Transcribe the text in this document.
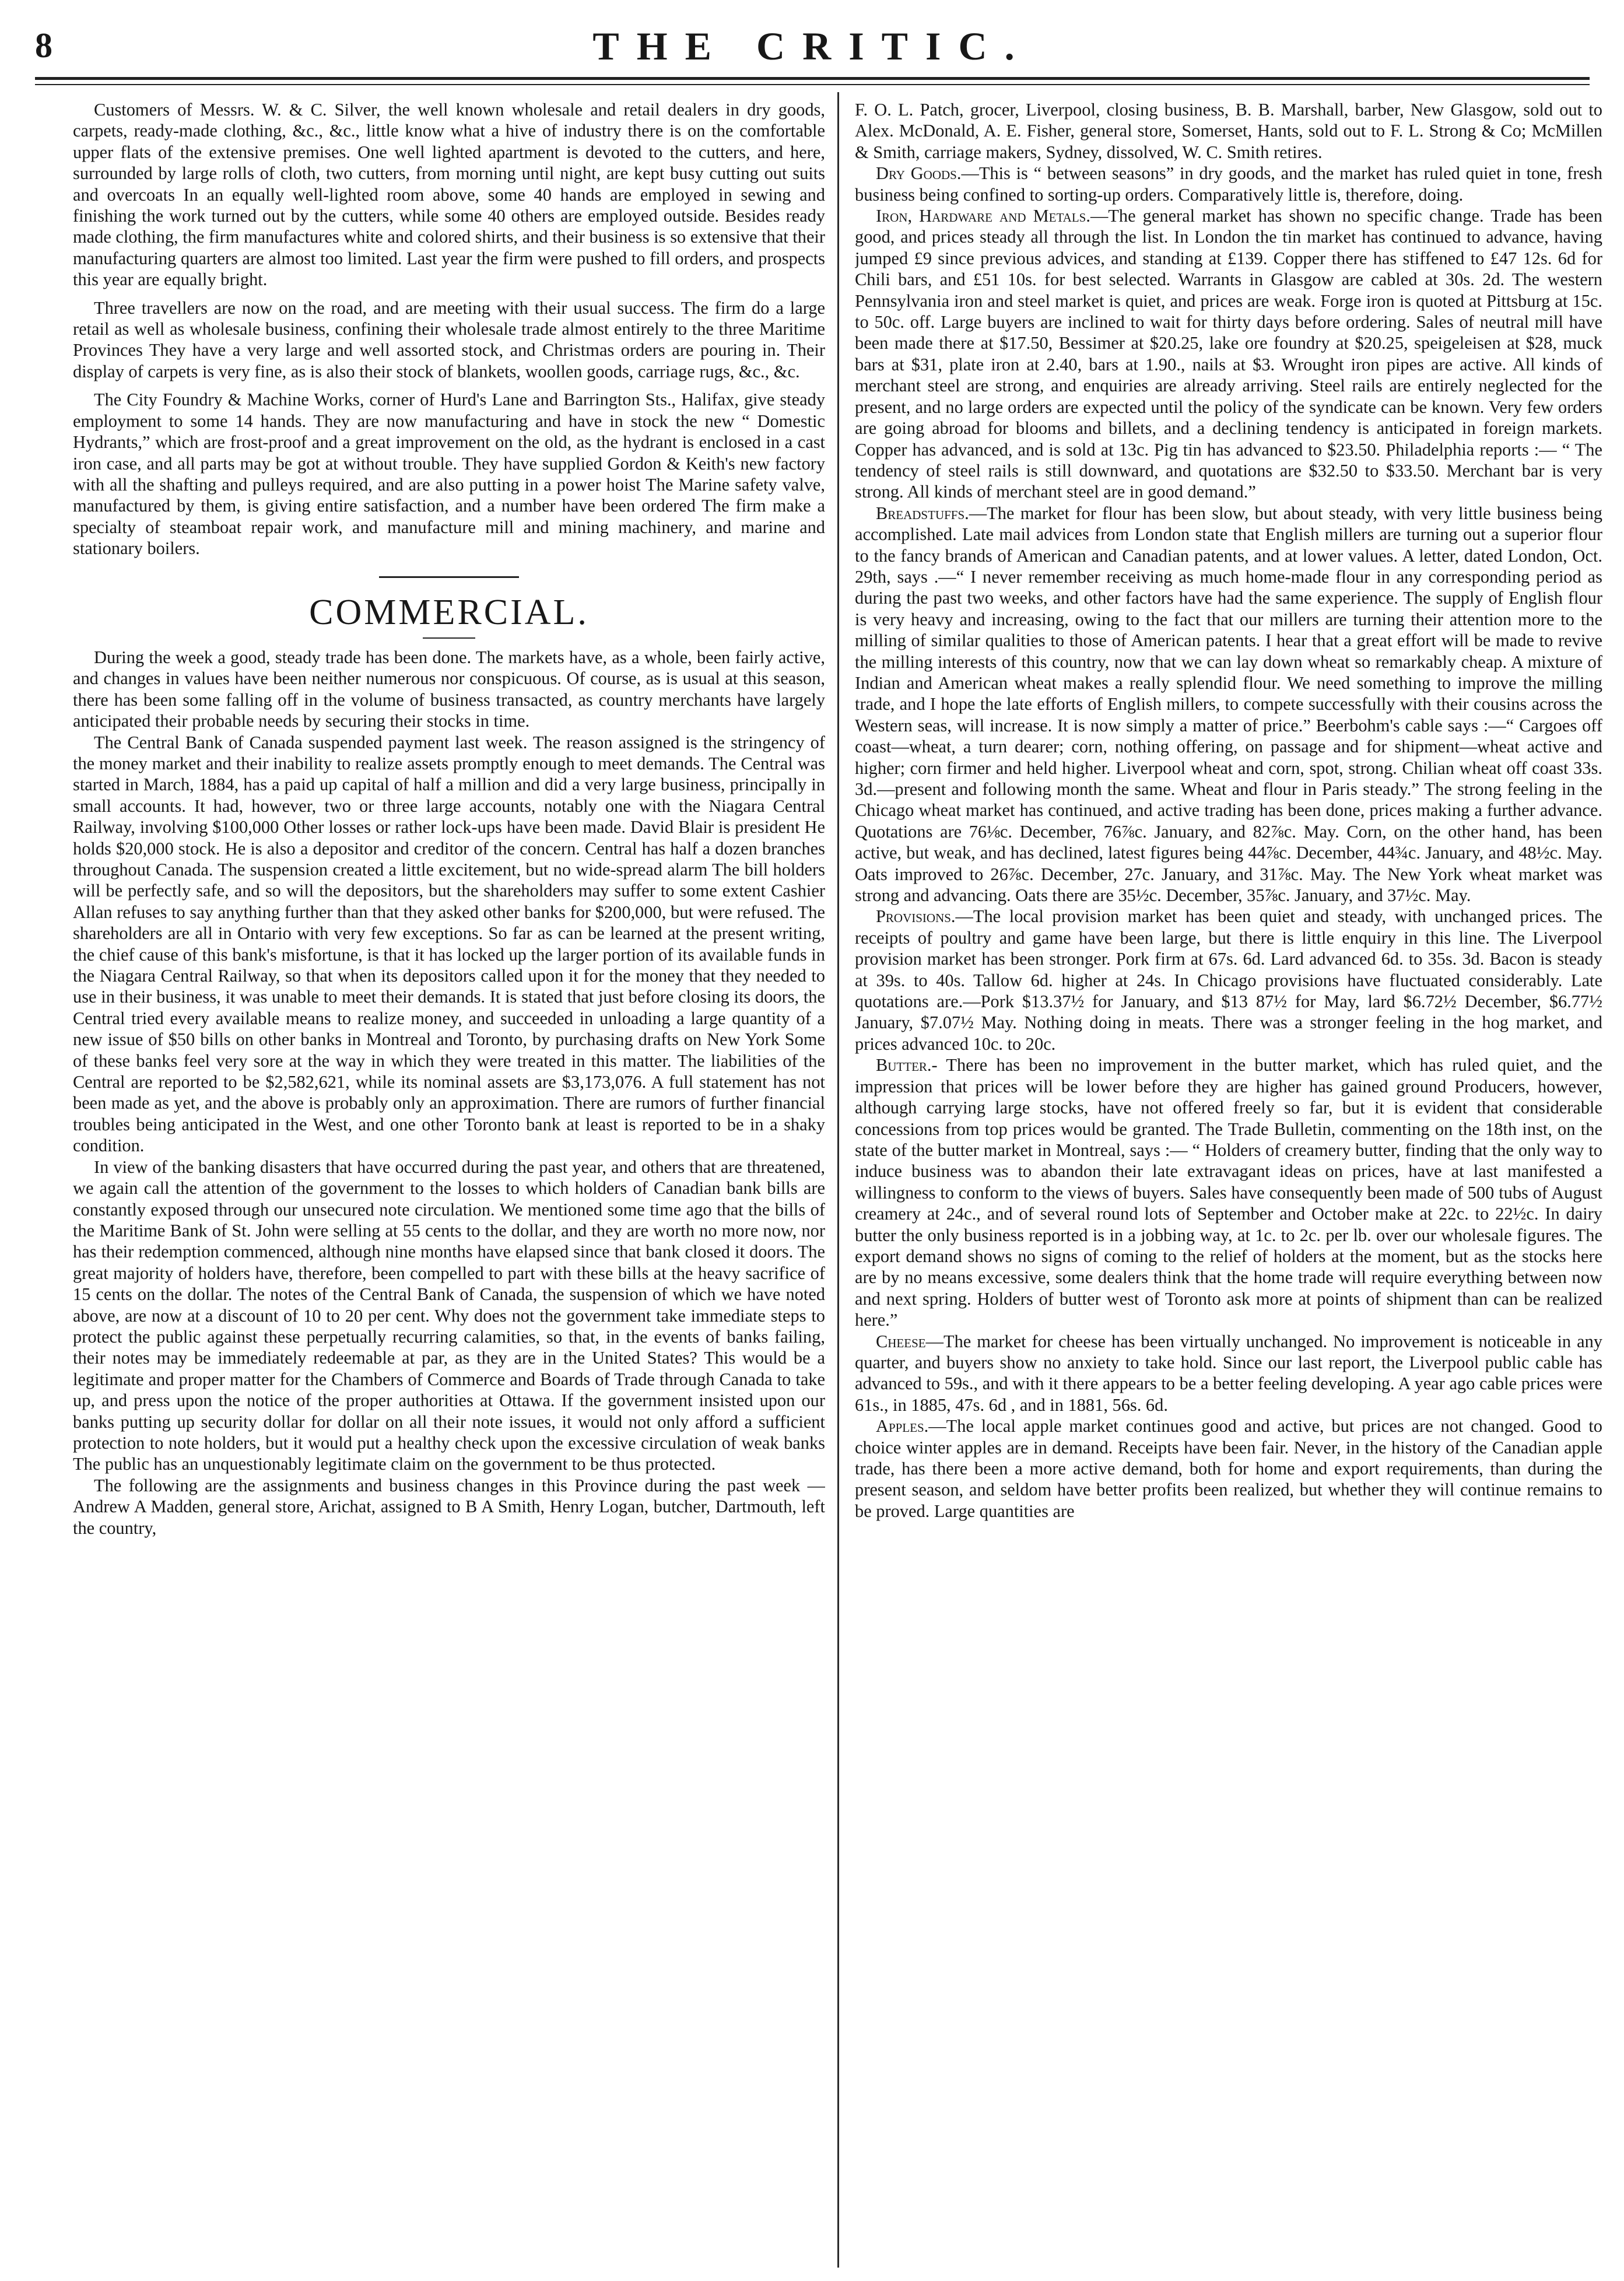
8	THE CRITIC.

Customers of Messrs. W. & C. Silver, the well known wholesale and retail dealers in dry goods, carpets, ready-made clothing, &c., &c., little know what a hive of industry there is on the comfortable upper flats of the extensive premises. One well lighted apartment is devoted to the cutters, and here, surrounded by large rolls of cloth, two cutters, from morning until night, are kept busy cutting out suits and overcoats In an equally well-lighted room above, some 40 hands are employed in sewing and finishing the work turned out by the cutters, while some 40 others are employed outside. Besides ready made clothing, the firm manufactures white and colored shirts, and their business is so extensive that their manufacturing quarters are almost too limited. Last year the firm were pushed to fill orders, and prospects this year are equally bright.

Three travellers are now on the road, and are meeting with their usual success. The firm do a large retail as well as wholesale business, confining their wholesale trade almost entirely to the three Maritime Provinces They have a very large and well assorted stock, and Christmas orders are pouring in. Their display of carpets is very fine, as is also their stock of blankets, woollen goods, carriage rugs, &c., &c.

The City Foundry & Machine Works, corner of Hurd's Lane and Barrington Sts., Halifax, give steady employment to some 14 hands. They are now manufacturing and have in stock the new “ Domestic Hydrants,” which are frost-proof and a great improvement on the old, as the hydrant is enclosed in a cast iron case, and all parts may be got at without trouble. They have supplied Gordon & Keith's new factory with all the shafting and pulleys required, and are also putting in a power hoist The Marine safety valve, manufactured by them, is giving entire satisfaction, and a number have been ordered The firm make a specialty of steamboat repair work, and manufacture mill and mining machinery, and marine and stationary boilers.

COMMERCIAL.

During the week a good, steady trade has been done. The markets have, as a whole, been fairly active, and changes in values have been neither numerous nor conspicuous. Of course, as is usual at this season, there has been some falling off in the volume of business transacted, as country merchants have largely anticipated their probable needs by securing their stocks in time.

The Central Bank of Canada suspended payment last week. The reason assigned is the stringency of the money market and their inability to realize assets promptly enough to meet demands. The Central was started in March, 1884, has a paid up capital of half a million and did a very large business, principally in small accounts. It had, however, two or three large accounts, notably one with the Niagara Central Railway, involving $100,000 Other losses or rather lock-ups have been made. David Blair is president He holds $20,000 stock. He is also a depositor and creditor of the concern. Central has half a dozen branches throughout Canada. The suspension created a little excitement, but no wide-spread alarm The bill holders will be perfectly safe, and so will the depositors, but the shareholders may suffer to some extent Cashier Allan refuses to say anything further than that they asked other banks for $200,000, but were refused. The shareholders are all in Ontario with very few exceptions. So far as can be learned at the present writing, the chief cause of this bank's misfortune, is that it has locked up the larger portion of its available funds in the Niagara Central Railway, so that when its depositors called upon it for the money that they needed to use in their business, it was unable to meet their demands. It is stated that just before closing its doors, the Central tried every available means to realize money, and succeeded in unloading a large quantity of a new issue of $50 bills on other banks in Montreal and Toronto, by purchasing drafts on New York Some of these banks feel very sore at the way in which they were treated in this matter. The liabilities of the Central are reported to be $2,582,621, while its nominal assets are $3,173,076. A full statement has not been made as yet, and the above is probably only an approximation. There are rumors of further financial troubles being anticipated in the West, and one other Toronto bank at least is reported to be in a shaky condition.

In view of the banking disasters that have occurred during the past year, and others that are threatened, we again call the attention of the government to the losses to which holders of Canadian bank bills are constantly exposed through our unsecured note circulation. We mentioned some time ago that the bills of the Maritime Bank of St. John were selling at 55 cents to the dollar, and they are worth no more now, nor has their redemption commenced, although nine months have elapsed since that bank closed it doors. The great majority of holders have, therefore, been compelled to part with these bills at the heavy sacrifice of 15 cents on the dollar. The notes of the Central Bank of Canada, the suspension of which we have noted above, are now at a discount of 10 to 20 per cent. Why does not the government take immediate steps to protect the public against these perpetually recurring calamities, so that, in the events of banks failing, their notes may be immediately redeemable at par, as they are in the United States? This would be a legitimate and proper matter for the Chambers of Commerce and Boards of Trade through Canada to take up, and press upon the notice of the proper authorities at Ottawa. If the government insisted upon our banks putting up security dollar for dollar on all their note issues, it would not only afford a sufficient protection to note holders, but it would put a healthy check upon the excessive circulation of weak banks The public has an unquestionably legitimate claim on the government to be thus protected.

The following are the assignments and business changes in this Province during the past week —Andrew A Madden, general store, Arichat, assigned to B A Smith, Henry Logan, butcher, Dartmouth, left the country,

F. O. L. Patch, grocer, Liverpool, closing business, B. B. Marshall, barber, New Glasgow, sold out to Alex. McDonald, A. E. Fisher, general store, Somerset, Hants, sold out to F. L. Strong & Co; McMillen & Smith, carriage makers, Sydney, dissolved, W. C. Smith retires.

Dry Goods.—This is “ between seasons” in dry goods, and the market has ruled quiet in tone, fresh business being confined to sorting-up orders. Comparatively little is, therefore, doing.

Iron, Hardware and Metals.—The general market has shown no specific change. Trade has been good, and prices steady all through the list. In London the tin market has continued to advance, having jumped £9 since previous advices, and standing at £139. Copper there has stiffened to £47 12s. 6d for Chili bars, and £51 10s. for best selected. Warrants in Glasgow are cabled at 30s. 2d. The western Pennsylvania iron and steel market is quiet, and prices are weak. Forge iron is quoted at Pittsburg at 15c. to 50c. off. Large buyers are inclined to wait for thirty days before ordering. Sales of neutral mill have been made there at $17.50, Bessimer at $20.25, lake ore foundry at $20.25, speigeleisen at $28, muck bars at $31, plate iron at 2.40, bars at 1.90., nails at $3. Wrought iron pipes are active. All kinds of merchant steel are strong, and enquiries are already arriving. Steel rails are entirely neglected for the present, and no large orders are expected until the policy of the syndicate can be known. Very few orders are going abroad for blooms and billets, and a declining tendency is anticipated in foreign markets. Copper has advanced, and is sold at 13c. Pig tin has advanced to $23.50. Philadelphia reports :— “ The tendency of steel rails is still downward, and quotations are $32.50 to $33.50. Merchant bar is very strong. All kinds of merchant steel are in good demand.”

Breadstuffs.—The market for flour has been slow, but about steady, with very little business being accomplished. Late mail advices from London state that English millers are turning out a superior flour to the fancy brands of American and Canadian patents, and at lower values. A letter, dated London, Oct. 29th, says .—“ I never remember receiving as much home-made flour in any corresponding period as during the past two weeks, and other factors have had the same experience. The supply of English flour is very heavy and increasing, owing to the fact that our millers are turning their attention more to the milling of similar qualities to those of American patents. I hear that a great effort will be made to revive the milling interests of this country, now that we can lay down wheat so remarkably cheap. A mixture of Indian and American wheat makes a really splendid flour. We need something to improve the milling trade, and I hope the late efforts of English millers, to compete successfully with their cousins across the Western seas, will increase. It is now simply a matter of price.” Beerbohm's cable says :—“ Cargoes off coast—wheat, a turn dearer; corn, nothing offering, on passage and for shipment—wheat active and higher; corn firmer and held higher. Liverpool wheat and corn, spot, strong. Chilian wheat off coast 33s. 3d.—present and following month the same. Wheat and flour in Paris steady.” The strong feeling in the Chicago wheat market has continued, and active trading has been done, prices making a further advance. Quotations are 76⅛c. December, 76⅞c. January, and 82⅞c. May. Corn, on the other hand, has been active, but weak, and has declined, latest figures being 44⅞c. December, 44¾c. January, and 48½c. May. Oats improved to 26⅞c. December, 27c. January, and 31⅞c. May. The New York wheat market was strong and advancing. Oats there are 35½c. December, 35⅞c. January, and 37½c. May.

Provisions.—The local provision market has been quiet and steady, with unchanged prices. The receipts of poultry and game have been large, but there is little enquiry in this line. The Liverpool provision market has been stronger. Pork firm at 67s. 6d. Lard advanced 6d. to 35s. 3d. Bacon is steady at 39s. to 40s. Tallow 6d. higher at 24s. In Chicago provisions have fluctuated considerably. Late quotations are.—Pork $13.37½ for January, and $13 87½ for May, lard $6.72½ December, $6.77½ January, $7.07½ May. Nothing doing in meats. There was a stronger feeling in the hog market, and prices advanced 10c. to 20c.

Butter.- There has been no improvement in the butter market, which has ruled quiet, and the impression that prices will be lower before they are higher has gained ground Producers, however, although carrying large stocks, have not offered freely so far, but it is evident that considerable concessions from top prices would be granted. The Trade Bulletin, commenting on the 18th inst, on the state of the butter market in Montreal, says :— “ Holders of creamery butter, finding that the only way to induce business was to abandon their late extravagant ideas on prices, have at last manifested a willingness to conform to the views of buyers. Sales have consequently been made of 500 tubs of August creamery at 24c., and of several round lots of September and October make at 22c. to 22½c. In dairy butter the only business reported is in a jobbing way, at 1c. to 2c. per lb. over our wholesale figures. The export demand shows no signs of coming to the relief of holders at the moment, but as the stocks here are by no means excessive, some dealers think that the home trade will require everything between now and next spring. Holders of butter west of Toronto ask more at points of shipment than can be realized here.”

Cheese—The market for cheese has been virtually unchanged. No improvement is noticeable in any quarter, and buyers show no anxiety to take hold. Since our last report, the Liverpool public cable has advanced to 59s., and with it there appears to be a better feeling developing. A year ago cable prices were 61s., in 1885, 47s. 6d , and in 1881, 56s. 6d.

Apples.—The local apple market continues good and active, but prices are not changed. Good to choice winter apples are in demand. Receipts have been fair. Never, in the history of the Canadian apple trade, has there been a more active demand, both for home and export requirements, than during the present season, and seldom have better profits been realized, but whether they will continue remains to be proved. Large quantities are
